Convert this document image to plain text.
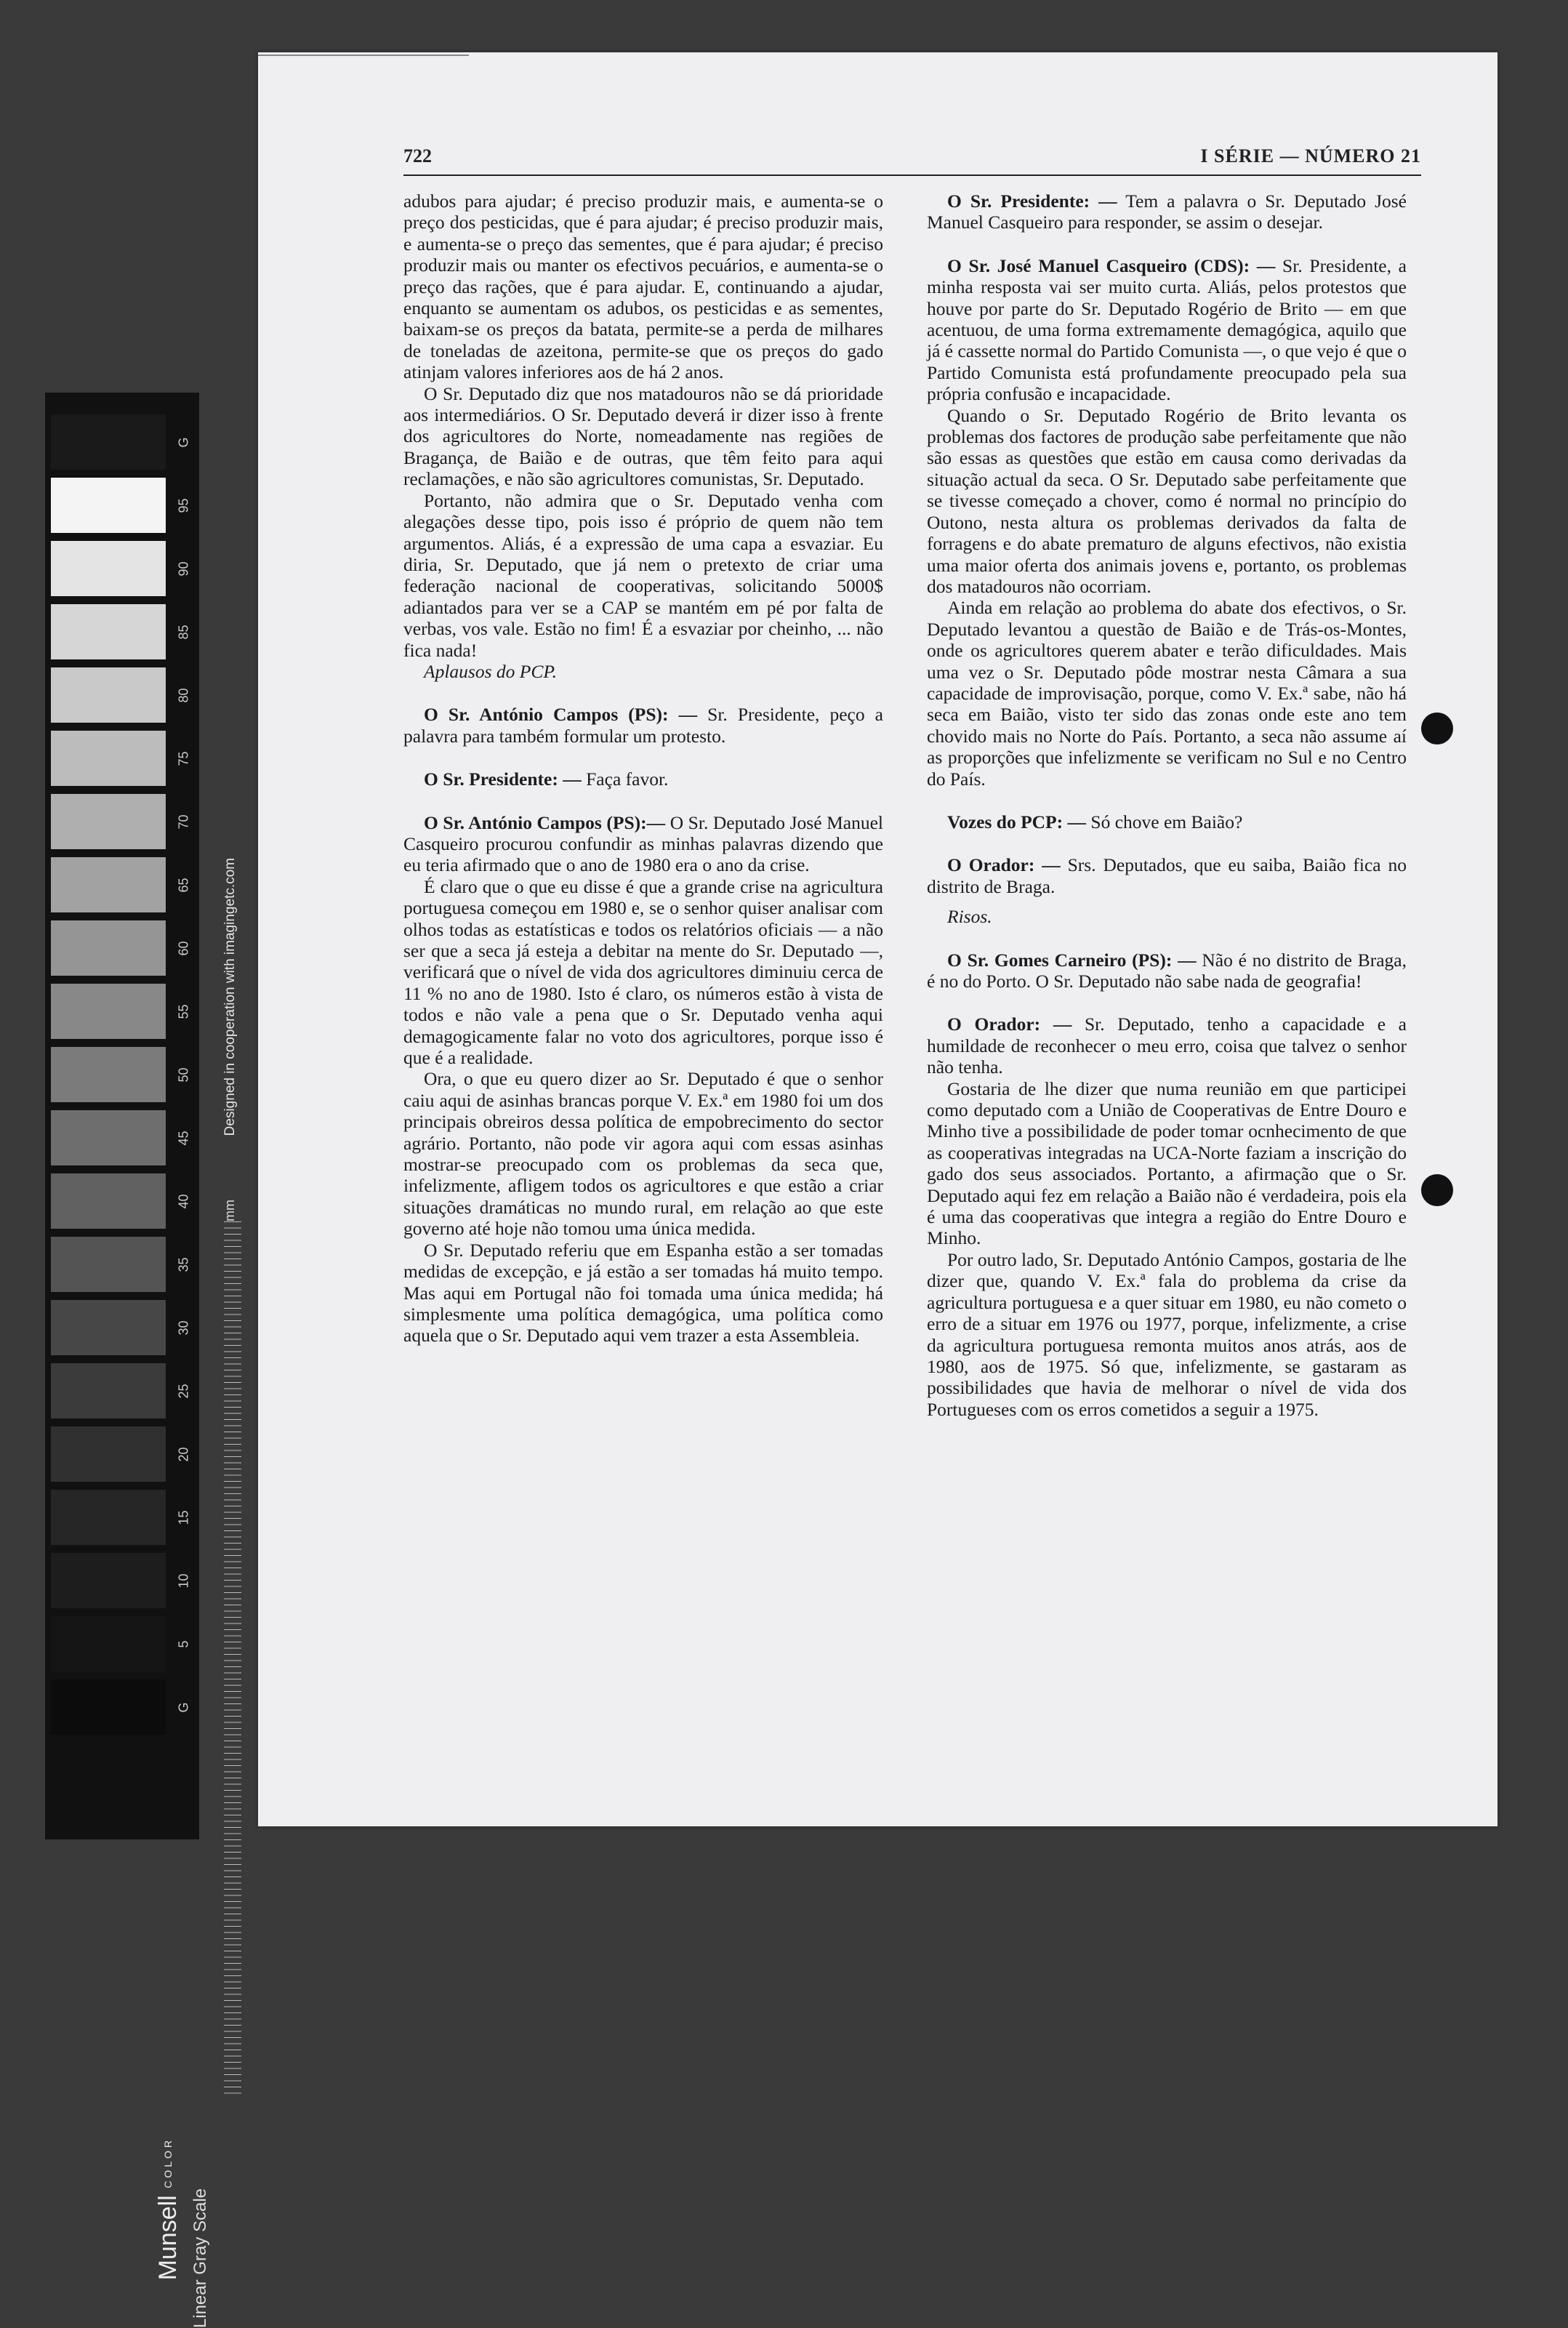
G
95
90
85
80
75
70
65
60
55
50
45
40
35
30
25
20
15
10
5
G
Designed in cooperation with imagingetc.com
mm
Munsell COLOR
Linear Gray Scale
722	I SÉRIE — NÚMERO 21

adubos para ajudar; é preciso produzir mais, e aumenta-se o preço dos pesticidas, que é para ajudar; é preciso produzir mais, e aumenta-se o preço das sementes, que é para ajudar; é preciso produzir mais ou manter os efectivos pecuários, e aumenta-se o preço das rações, que é para ajudar. E, continuando a ajudar, enquanto se aumentam os adubos, os pesticidas e as sementes, baixam-se os preços da batata, permite-se a perda de milhares de toneladas de azeitona, permite-se que os preços do gado atinjam valores inferiores aos de há 2 anos.

O Sr. Deputado diz que nos matadouros não se dá prioridade aos intermediários. O Sr. Deputado deverá ir dizer isso à frente dos agricultores do Norte, nomeadamente nas regiões de Bragança, de Baião e de outras, que têm feito para aqui reclamações, e não são agricultores comunistas, Sr. Deputado.

Portanto, não admira que o Sr. Deputado venha com alegações desse tipo, pois isso é próprio de quem não tem argumentos. Aliás, é a expressão de uma capa a esvaziar. Eu diria, Sr. Deputado, que já nem o pretexto de criar uma federação nacional de cooperativas, solicitando 5000$ adiantados para ver se a CAP se mantém em pé por falta de verbas, vos vale. Estão no fim! É a esvaziar por cheinho, ... não fica nada!

Aplausos do PCP.

O Sr. António Campos (PS): — Sr. Presidente, peço a palavra para também formular um protesto.

O Sr. Presidente: — Faça favor.

O Sr. António Campos (PS):— O Sr. Deputado José Manuel Casqueiro procurou confundir as minhas palavras dizendo que eu teria afirmado que o ano de 1980 era o ano da crise.

É claro que o que eu disse é que a grande crise na agricultura portuguesa começou em 1980 e, se o senhor quiser analisar com olhos todas as estatísticas e todos os relatórios oficiais — a não ser que a seca já esteja a debitar na mente do Sr. Deputado —, verificará que o nível de vida dos agricultores diminuiu cerca de 11 % no ano de 1980. Isto é claro, os números estão à vista de todos e não vale a pena que o Sr. Deputado venha aqui demagogicamente falar no voto dos agricultores, porque isso é que é a realidade.

Ora, o que eu quero dizer ao Sr. Deputado é que o senhor caiu aqui de asinhas brancas porque V. Ex.ª em 1980 foi um dos principais obreiros dessa política de empobrecimento do sector agrário. Portanto, não pode vir agora aqui com essas asinhas mostrar-se preocupado com os problemas da seca que, infelizmente, afligem todos os agricultores e que estão a criar situações dramáticas no mundo rural, em relação ao que este governo até hoje não tomou uma única medida.

O Sr. Deputado referiu que em Espanha estão a ser tomadas medidas de excepção, e já estão a ser tomadas há muito tempo. Mas aqui em Portugal não foi tomada uma única medida; há simplesmente uma política demagógica, uma política como aquela que o Sr. Deputado aqui vem trazer a esta Assembleia.

O Sr. Presidente: — Tem a palavra o Sr. Deputado José Manuel Casqueiro para responder, se assim o desejar.

O Sr. José Manuel Casqueiro (CDS): — Sr. Presidente, a minha resposta vai ser muito curta. Aliás, pelos protestos que houve por parte do Sr. Deputado Rogério de Brito — em que acentuou, de uma forma extremamente demagógica, aquilo que já é cassette normal do Partido Comunista —, o que vejo é que o Partido Comunista está profundamente preocupado pela sua própria confusão e incapacidade.

Quando o Sr. Deputado Rogério de Brito levanta os problemas dos factores de produção sabe perfeitamente que não são essas as questões que estão em causa como derivadas da situação actual da seca. O Sr. Deputado sabe perfeitamente que se tivesse começado a chover, como é normal no princípio do Outono, nesta altura os problemas derivados da falta de forragens e do abate prematuro de alguns efectivos, não existia uma maior oferta dos animais jovens e, portanto, os problemas dos matadouros não ocorriam.

Ainda em relação ao problema do abate dos efectivos, o Sr. Deputado levantou a questão de Baião e de Trás-os-Montes, onde os agricultores querem abater e terão dificuldades. Mais uma vez o Sr. Deputado pôde mostrar nesta Câmara a sua capacidade de improvisação, porque, como V. Ex.ª sabe, não há seca em Baião, visto ter sido das zonas onde este ano tem chovido mais no Norte do País. Portanto, a seca não assume aí as proporções que infelizmente se verificam no Sul e no Centro do País.

Vozes do PCP: — Só chove em Baião?

O Orador: — Srs. Deputados, que eu saiba, Baião fica no distrito de Braga.

Risos.

O Sr. Gomes Carneiro (PS): — Não é no distrito de Braga, é no do Porto. O Sr. Deputado não sabe nada de geografia!

O Orador: — Sr. Deputado, tenho a capacidade e a humildade de reconhecer o meu erro, coisa que talvez o senhor não tenha.

Gostaria de lhe dizer que numa reunião em que participei como deputado com a União de Cooperativas de Entre Douro e Minho tive a possibilidade de poder tomar ocnhecimento de que as cooperativas integradas na UCA-Norte faziam a inscrição do gado dos seus associados. Portanto, a afirmação que o Sr. Deputado aqui fez em relação a Baião não é verdadeira, pois ela é uma das cooperativas que integra a região do Entre Douro e Minho.

Por outro lado, Sr. Deputado António Campos, gostaria de lhe dizer que, quando V. Ex.ª fala do problema da crise da agricultura portuguesa e a quer situar em 1980, eu não cometo o erro de a situar em 1976 ou 1977, porque, infelizmente, a crise da agricultura portuguesa remonta muitos anos atrás, aos de 1980, aos de 1975. Só que, infelizmente, se gastaram as possibilidades que havia de melhorar o nível de vida dos Portugueses com os erros cometidos a seguir a 1975.
